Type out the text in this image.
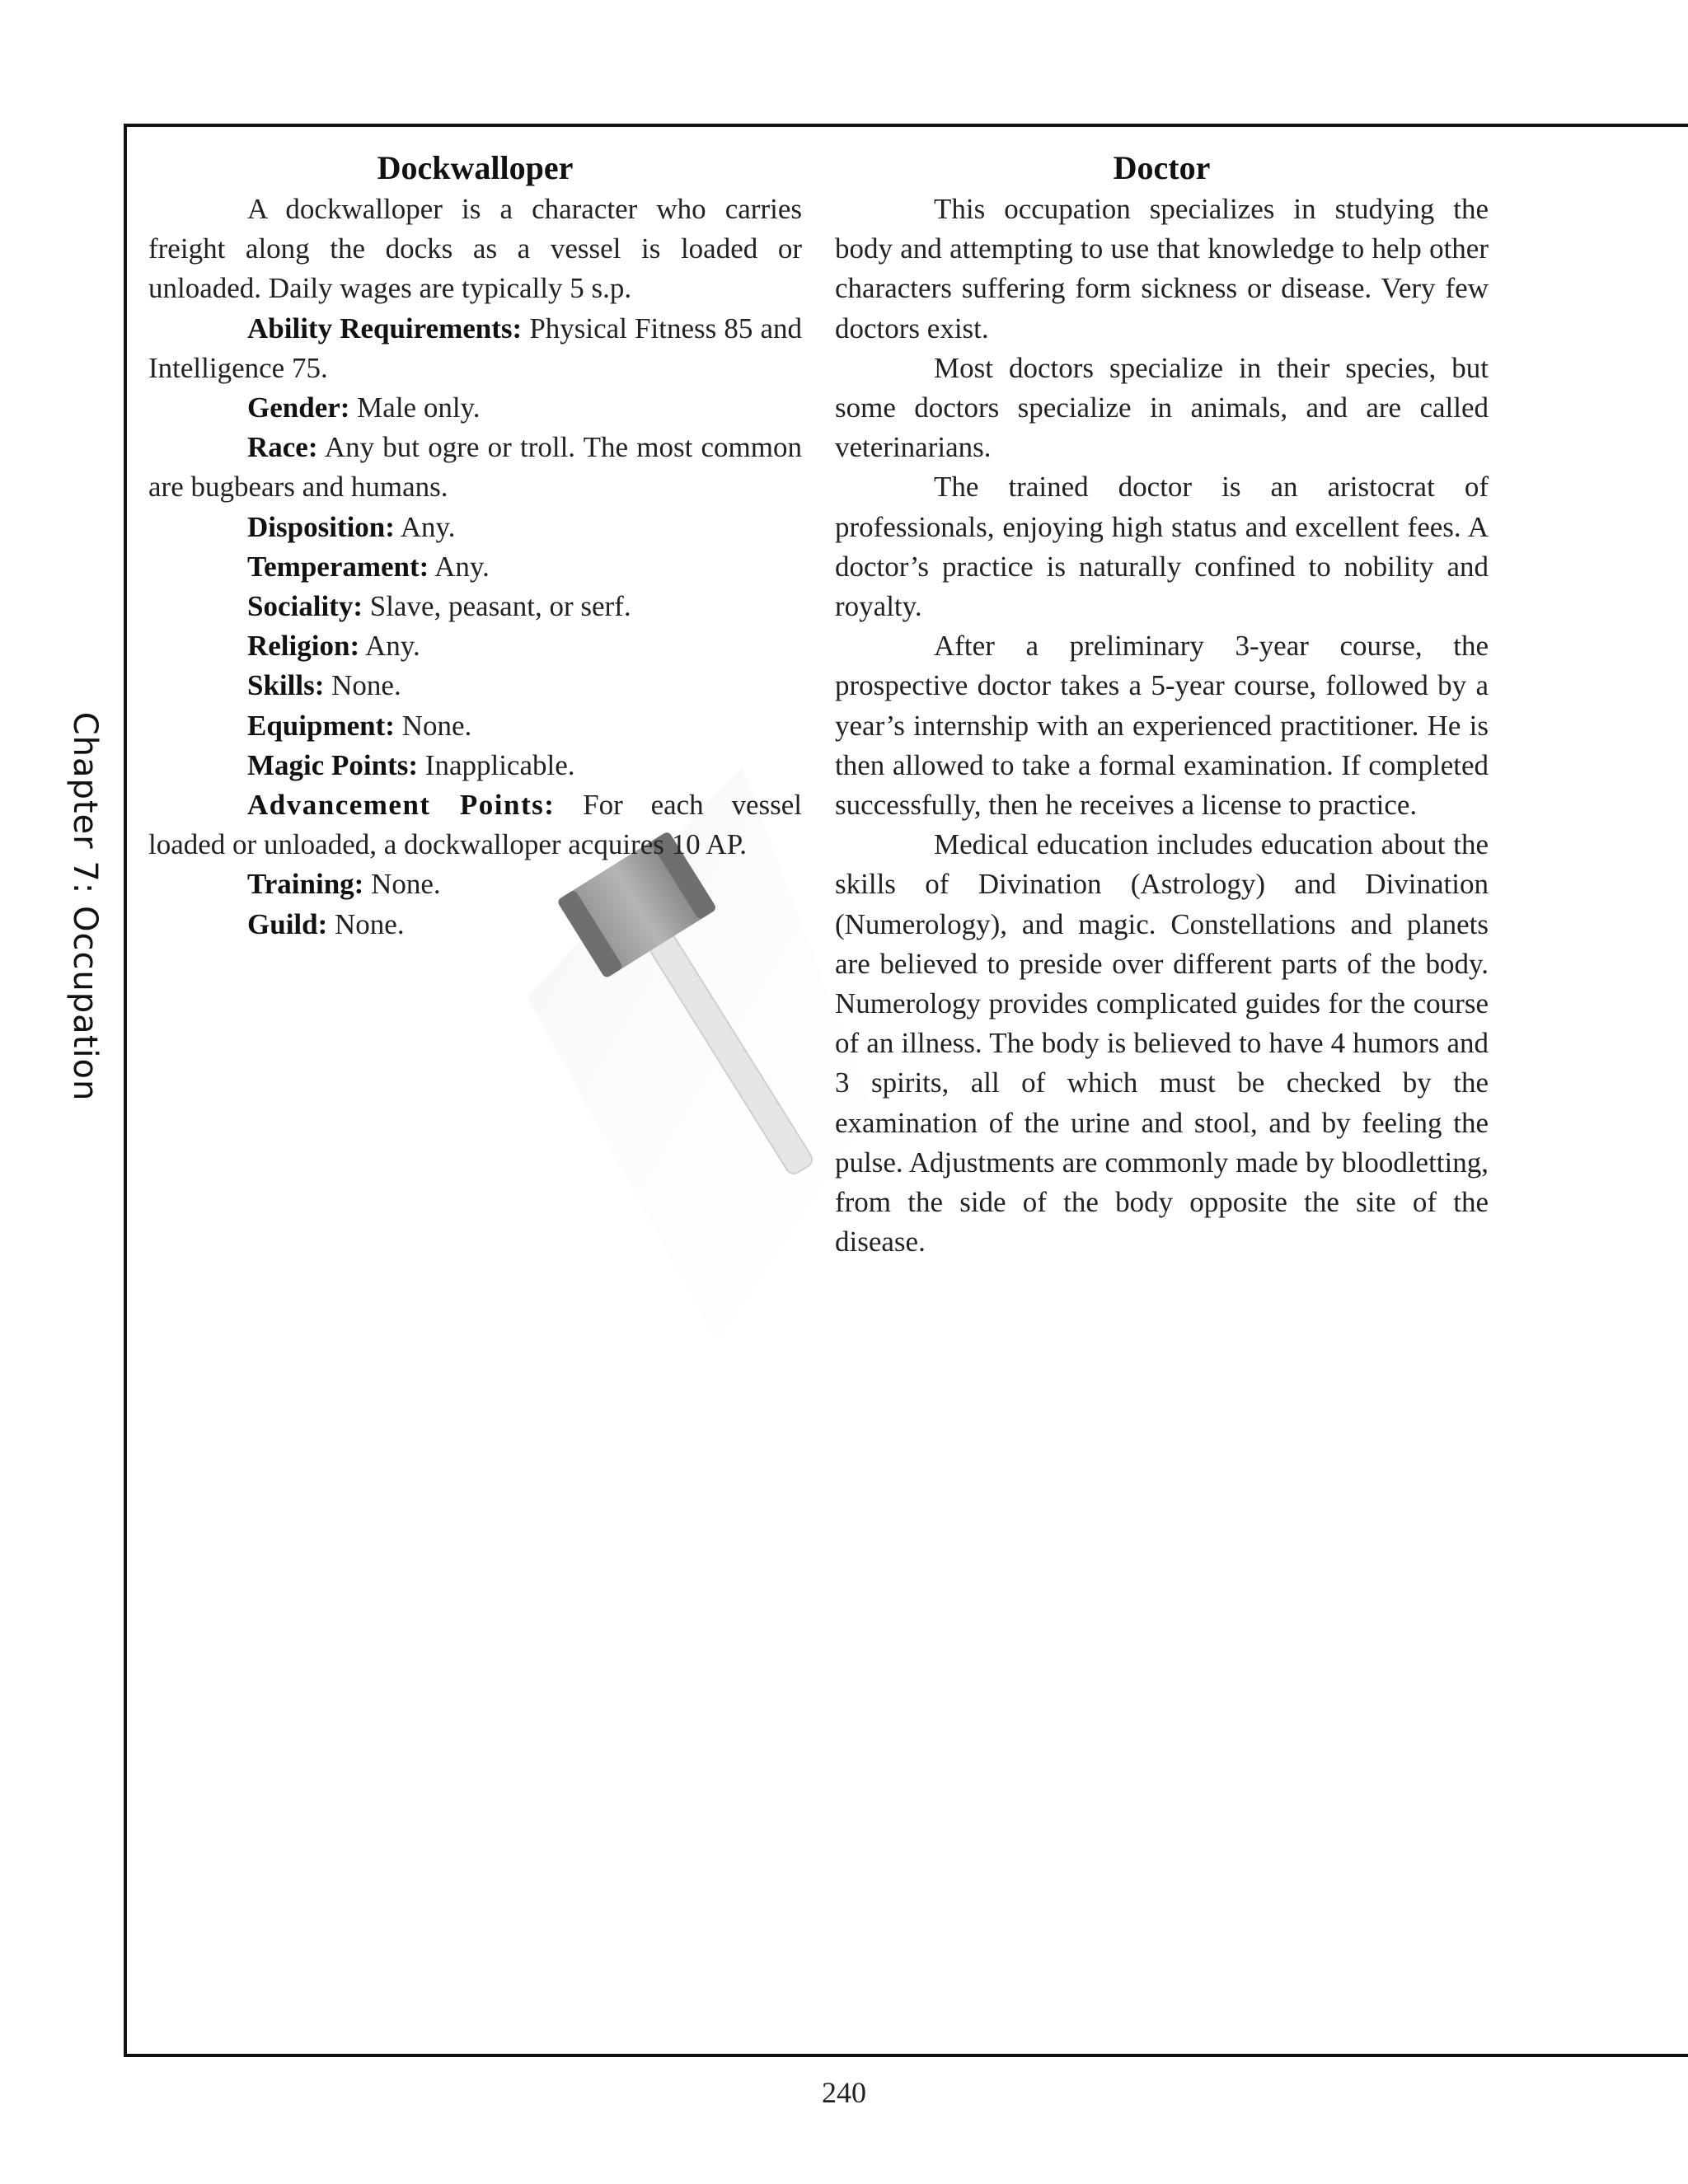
Chapter 7: Occupation
Dockwalloper

A dockwalloper is a character who carries freight along the docks as a vessel is loaded or unloaded. Daily wages are typically 5 s.p.

Ability Requirements: Physical Fitness 85 and Intelligence 75.

Gender: Male only.

Race: Any but ogre or troll. The most common are bugbears and humans.

Disposition: Any.

Temperament: Any.

Sociality: Slave, peasant, or serf.

Religion: Any.

Skills: None.

Equipment: None.

Magic Points: Inapplicable.

Advancement Points: For each vessel loaded or unloaded, a dockwalloper acquires 10 AP.

Training: None.

Guild: None.

Doctor

This occupation specializes in studying the body and attempting to use that knowledge to help other characters suffering form sickness or disease. Very few doctors exist.

Most doctors specialize in their species, but some doctors specialize in animals, and are called veterinarians.

The trained doctor is an aristocrat of professionals, enjoying high status and excellent fees. A doctor’s practice is naturally confined to nobility and royalty.

After a preliminary 3-year course, the prospective doctor takes a 5-year course, followed by a year’s internship with an experienced practitioner. He is then allowed to take a formal examination. If completed successfully, then he receives a license to practice.

Medical education includes education about the skills of Divination (Astrology) and Divination (Numerology), and magic. Constellations and planets are believed to preside over different parts of the body. Numerology provides complicated guides for the course of an illness. The body is believed to have 4 humors and 3 spirits, all of which must be checked by the examination of the urine and stool, and by feeling the pulse. Adjustments are commonly made by bloodletting, from the side of the body opposite the site of the disease.

240
